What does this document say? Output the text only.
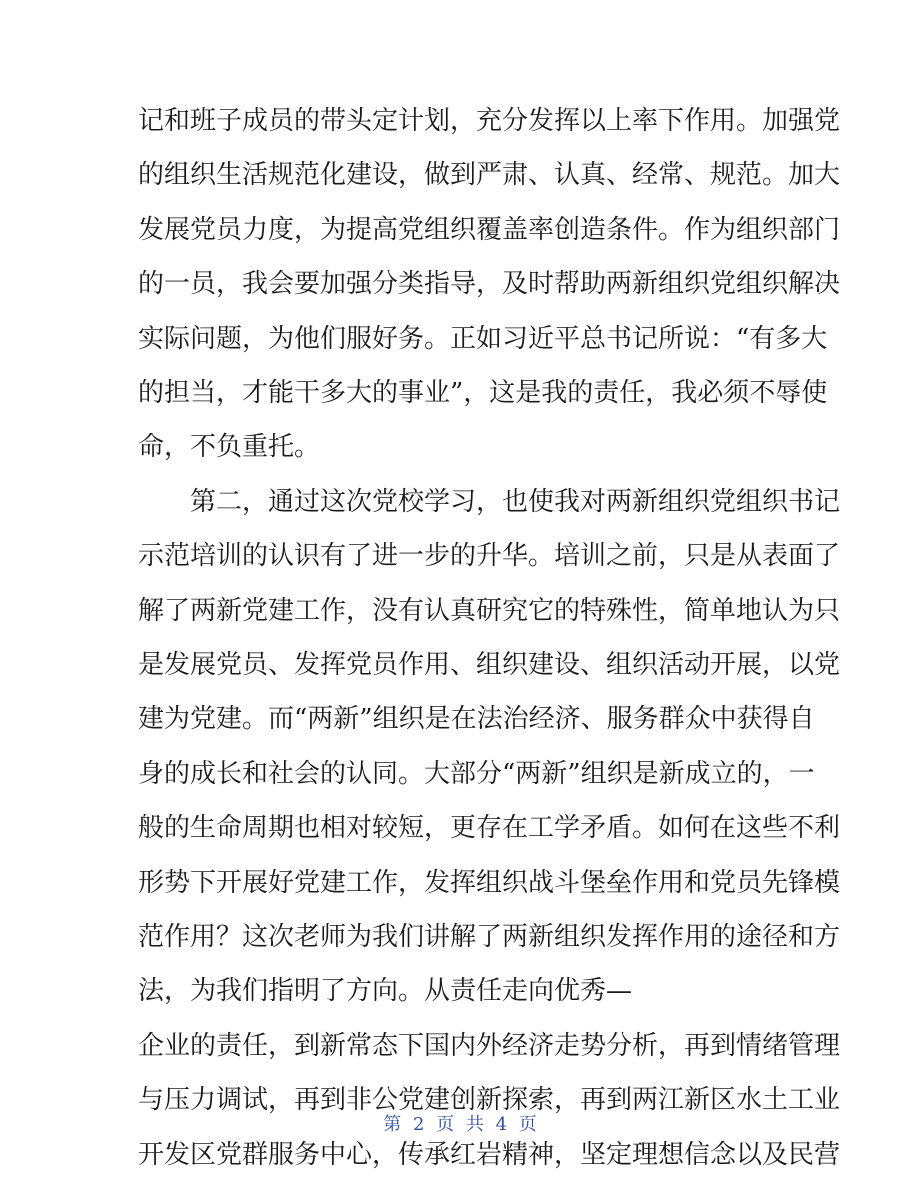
记和班子成员的带头定计划，充分发挥以上率下作用。加强党
的组织生活规范化建设，做到严肃、认真、经常、规范。加大
发展党员力度，为提高党组织覆盖率创造条件。作为组织部门
的一员，我会要加强分类指导，及时帮助两新组织党组织解决
实际问题，为他们服好务。正如习近平总书记所说：“有多大
的担当，才能干多大的事业”，这是我的责任，我必须不辱使
命，不负重托。
第二，通过这次党校学习，也使我对两新组织党组织书记
示范培训的认识有了进一步的升华。培训之前，只是从表面了
解了两新党建工作，没有认真研究它的特殊性，简单地认为只
是发展党员、发挥党员作用、组织建设、组织活动开展，以党
建为党建。而“两新”组织是在法治经济、服务群众中获得自
身的成长和社会的认同。大部分“两新”组织是新成立的，一
般的生命周期也相对较短，更存在工学矛盾。如何在这些不利
形势下开展好党建工作，发挥组织战斗堡垒作用和党员先锋模
范作用？这次老师为我们讲解了两新组织发挥作用的途径和方
法，为我们指明了方向。从责任走向优秀—
企业的责任，到新常态下国内外经济走势分析，再到情绪管理
与压力调试，再到非公党建创新探索，再到两江新区水土工业
开发区党群服务中心，传承红岩精神，坚定理想信念以及民营
第 2 页 共 4 页
